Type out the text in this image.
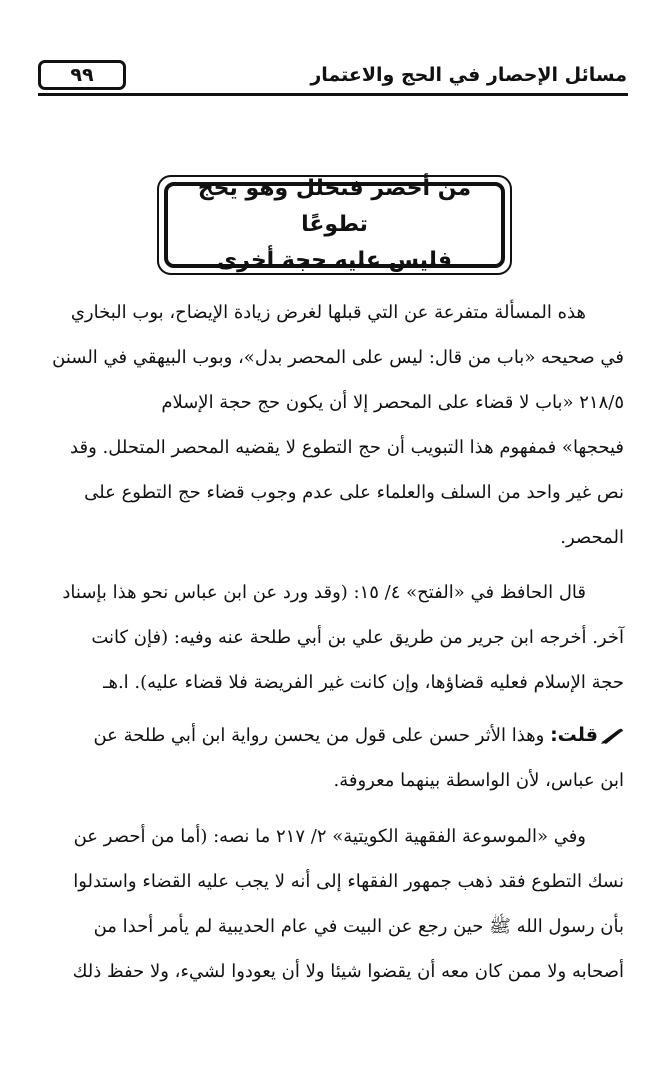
٩٩	مسائل الإحصار في الحج والاعتمار
من أحصر فتحلل وهو يحج تطوعًا
فليس عليه حجة أخرى
هذه المسألة متفرعة عن التي قبلها لغرض زيادة الإيضاح، بوب البخاري
في صحيحه «باب من قال: ليس على المحصر بدل»، وبوب البيهقي في السنن
٢١٨/٥ «باب لا قضاء على المحصر إلا أن يكون حج حجة الإسلام
فيحجها» فمفهوم هذا التبويب أن حج التطوع لا يقضيه المحصر المتحلل. وقد
نص غير واحد من السلف والعلماء على عدم وجوب قضاء حج التطوع على
المحصر.
قال الحافظ في «الفتح» ٤/ ١٥: (وقد ورد عن ابن عباس نحو هذا بإسناد
آخر. أخرجه ابن جرير من طريق علي بن أبي طلحة عنه وفيه: (فإن كانت
حجة الإسلام فعليه قضاؤها، وإن كانت غير الفريضة فلا قضاء عليه). ا.هـ
قلت: وهذا الأثر حسن على قول من يحسن رواية ابن أبي طلحة عن
ابن عباس، لأن الواسطة بينهما معروفة.
وفي «الموسوعة الفقهية الكويتية» ٢/ ٢١٧ ما نصه: (أما من أحصر عن
نسك التطوع فقد ذهب جمهور الفقهاء إلى أنه لا يجب عليه القضاء واستدلوا
بأن رسول الله ﷺ حين رجع عن البيت في عام الحديبية لم يأمر أحدا من
أصحابه ولا ممن كان معه أن يقضوا شيئا ولا أن يعودوا لشيء، ولا حفظ ذلك
